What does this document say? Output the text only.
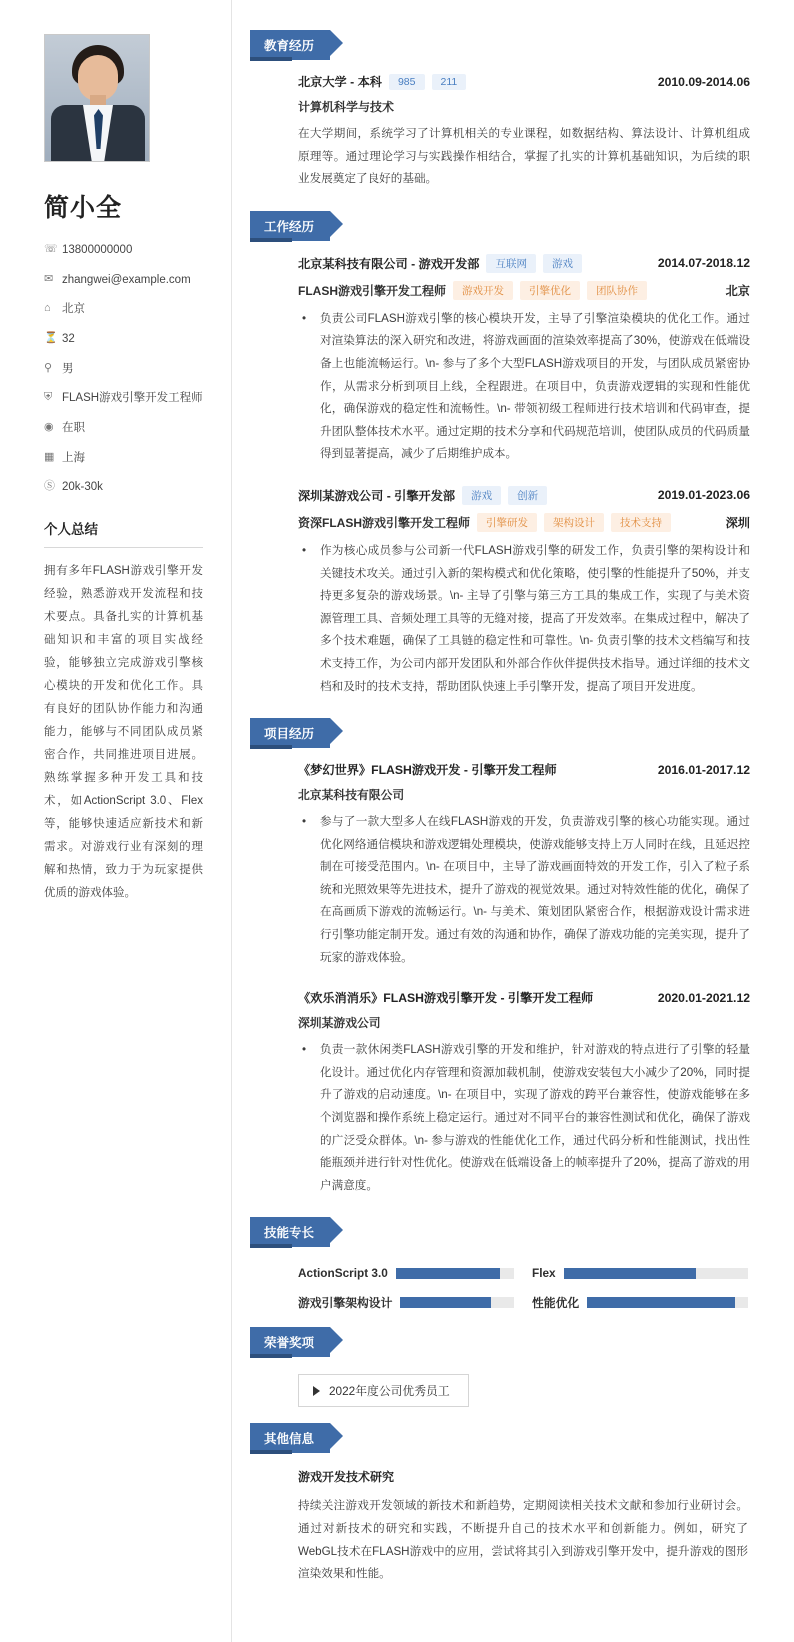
简小全
☏ 13800000000
✉ zhangwei@example.com
⌂ 北京
⏳ 32
⚲ 男
⛨ FLASH游戏引擎开发工程师
◉ 在职
▦ 上海
Ⓢ 20k-30k
个人总结
拥有多年FLASH游戏引擎开发经验，熟悉游戏开发流程和技术要点。具备扎实的计算机基础知识和丰富的项目实战经验，能够独立完成游戏引擎核心模块的开发和优化工作。具有良好的团队协作能力和沟通能力，能够与不同团队成员紧密合作，共同推进项目进展。熟练掌握多种开发工具和技术，如ActionScript 3.0、Flex等，能够快速适应新技术和新需求。对游戏行业有深刻的理解和热情，致力于为玩家提供优质的游戏体验。
教育经历
北京大学 - 本科	985	211	2010.09-2014.06
计算机科学与技术
在大学期间，系统学习了计算机相关的专业课程，如数据结构、算法设计、计算机组成原理等。通过理论学习与实践操作相结合，掌握了扎实的计算机基础知识，为后续的职业发展奠定了良好的基础。
工作经历
北京某科技有限公司 - 游戏开发部	互联网	游戏	2014.07-2018.12
FLASH游戏引擎开发工程师	游戏开发	引擎优化	团队协作	北京
•	负责公司FLASH游戏引擎的核心模块开发，主导了引擎渲染模块的优化工作。通过对渲染算法的深入研究和改进，将游戏画面的渲染效率提高了30%，使游戏在低端设备上也能流畅运行。\n- 参与了多个大型FLASH游戏项目的开发，与团队成员紧密协作，从需求分析到项目上线，全程跟进。在项目中，负责游戏逻辑的实现和性能优化，确保游戏的稳定性和流畅性。\n- 带领初级工程师进行技术培训和代码审查，提升团队整体技术水平。通过定期的技术分享和代码规范培训，使团队成员的代码质量得到显著提高，减少了后期维护成本。
深圳某游戏公司 - 引擎开发部	游戏	创新	2019.01-2023.06
资深FLASH游戏引擎开发工程师	引擎研发	架构设计	技术支持	深圳
•	作为核心成员参与公司新一代FLASH游戏引擎的研发工作，负责引擎的架构设计和关键技术攻关。通过引入新的架构模式和优化策略，使引擎的性能提升了50%，并支持更多复杂的游戏场景。\n- 主导了引擎与第三方工具的集成工作，实现了与美术资源管理工具、音频处理工具等的无缝对接，提高了开发效率。在集成过程中，解决了多个技术难题，确保了工具链的稳定性和可靠性。\n- 负责引擎的技术文档编写和技术支持工作，为公司内部开发团队和外部合作伙伴提供技术指导。通过详细的技术文档和及时的技术支持，帮助团队快速上手引擎开发，提高了项目开发进度。
项目经历
《梦幻世界》FLASH游戏开发 - 引擎开发工程师	2016.01-2017.12
北京某科技有限公司
•	参与了一款大型多人在线FLASH游戏的开发，负责游戏引擎的核心功能实现。通过优化网络通信模块和游戏逻辑处理模块，使游戏能够支持上万人同时在线，且延迟控制在可接受范围内。\n- 在项目中，主导了游戏画面特效的开发工作，引入了粒子系统和光照效果等先进技术，提升了游戏的视觉效果。通过对特效性能的优化，确保了在高画质下游戏的流畅运行。\n- 与美术、策划团队紧密合作，根据游戏设计需求进行引擎功能定制开发。通过有效的沟通和协作，确保了游戏功能的完美实现，提升了玩家的游戏体验。
《欢乐消消乐》FLASH游戏引擎开发 - 引擎开发工程师	2020.01-2021.12
深圳某游戏公司
•	负责一款休闲类FLASH游戏引擎的开发和维护，针对游戏的特点进行了引擎的轻量化设计。通过优化内存管理和资源加载机制，使游戏安装包大小减少了20%，同时提升了游戏的启动速度。\n- 在项目中，实现了游戏的跨平台兼容性，使游戏能够在多个浏览器和操作系统上稳定运行。通过对不同平台的兼容性测试和优化，确保了游戏的广泛受众群体。\n- 参与游戏的性能优化工作，通过代码分析和性能测试，找出性能瓶颈并进行针对性优化。使游戏在低端设备上的帧率提升了20%，提高了游戏的用户满意度。
技能专长
ActionScript 3.0	Flex
游戏引擎架构设计	性能优化
荣誉奖项
2022年度公司优秀员工
其他信息
游戏开发技术研究
持续关注游戏开发领域的新技术和新趋势，定期阅读相关技术文献和参加行业研讨会。通过对新技术的研究和实践，不断提升自己的技术水平和创新能力。例如，研究了WebGL技术在FLASH游戏中的应用，尝试将其引入到游戏引擎开发中，提升游戏的图形渲染效果和性能。
